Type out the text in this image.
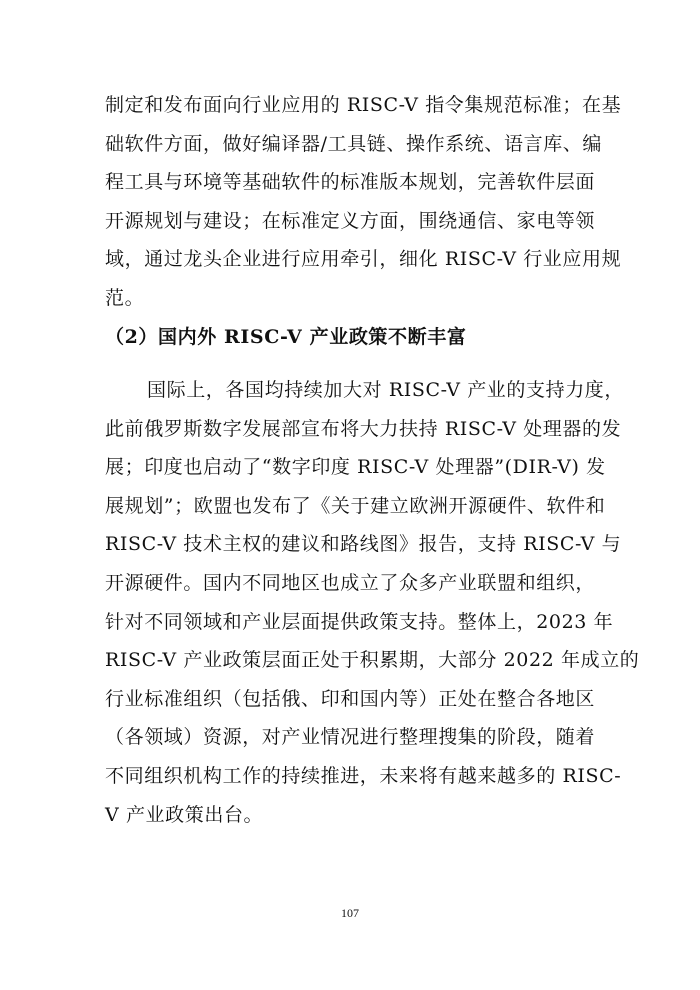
制定和发布面向行业应用的 RISC-V 指令集规范标准；在基
础软件方面，做好编译器/工具链、操作系统、语言库、编
程工具与环境等基础软件的标准版本规划，完善软件层面
开源规划与建设；在标准定义方面，围绕通信、家电等领
域，通过龙头企业进行应用牵引，细化 RISC-V 行业应用规
范。
（2）国内外 RISC-V 产业政策不断丰富
国际上，各国均持续加大对 RISC-V 产业的支持力度，
此前俄罗斯数字发展部宣布将大力扶持 RISC-V 处理器的发
展；印度也启动了“数字印度 RISC-V 处理器”(DIR-V) 发
展规划”；欧盟也发布了《关于建立欧洲开源硬件、软件和
RISC-V 技术主权的建议和路线图》报告，支持 RISC-V 与
开源硬件。国内不同地区也成立了众多产业联盟和组织，
针对不同领域和产业层面提供政策支持。整体上，2023 年
RISC-V 产业政策层面正处于积累期，大部分 2022 年成立的
行业标准组织（包括俄、印和国内等）正处在整合各地区
（各领域）资源，对产业情况进行整理搜集的阶段，随着
不同组织机构工作的持续推进，未来将有越来越多的 RISC-
V 产业政策出台。
107
